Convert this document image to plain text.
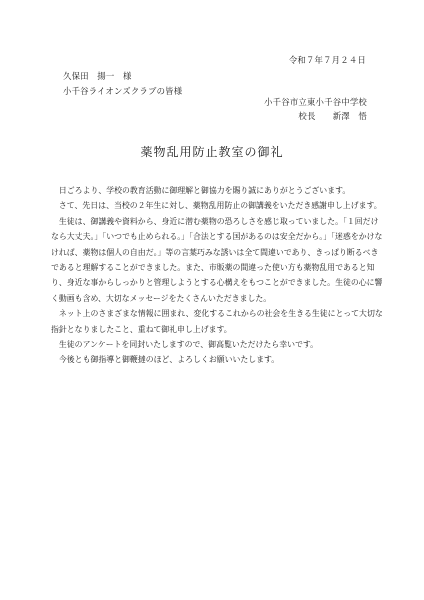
令和７年７月２４日
久保田　揚一　様
小千谷ライオンズクラブの皆様
小千谷市立東小千谷中学校
校長　　新澤　悟
薬物乱用防止教室の御礼

日ごろより、学校の教育活動に御理解と御協力を賜り誠にありがとうございます。

さて、先日は、当校の２年生に対し、薬物乱用防止の御講義をいただき感謝申し上げます。

生徒は、御講義や資料から、身近に潜む薬物の恐ろしさを感じ取っていました。「１回だけなら大丈夫。」「いつでも止められる。」「合法とする国があるのは安全だから。」「迷惑をかけなければ、薬物は個人の自由だ。」等の言葉巧みな誘いは全て間違いであり、きっぱり断るべきであると理解することができました。また、市販薬の間違った使い方も薬物乱用であると知り、身近な事からしっかりと管理しようとする心構えをもつことができました。生徒の心に響く動画も含め、大切なメッセージをたくさんいただきました。

ネット上のさまざまな情報に囲まれ、変化するこれからの社会を生きる生徒にとって大切な指針となりましたこと、重ねて御礼申し上げます。

生徒のアンケートを同封いたしますので、御高覧いただけたら幸いです。

今後とも御指導と御鞭撻のほど、よろしくお願いいたします。
